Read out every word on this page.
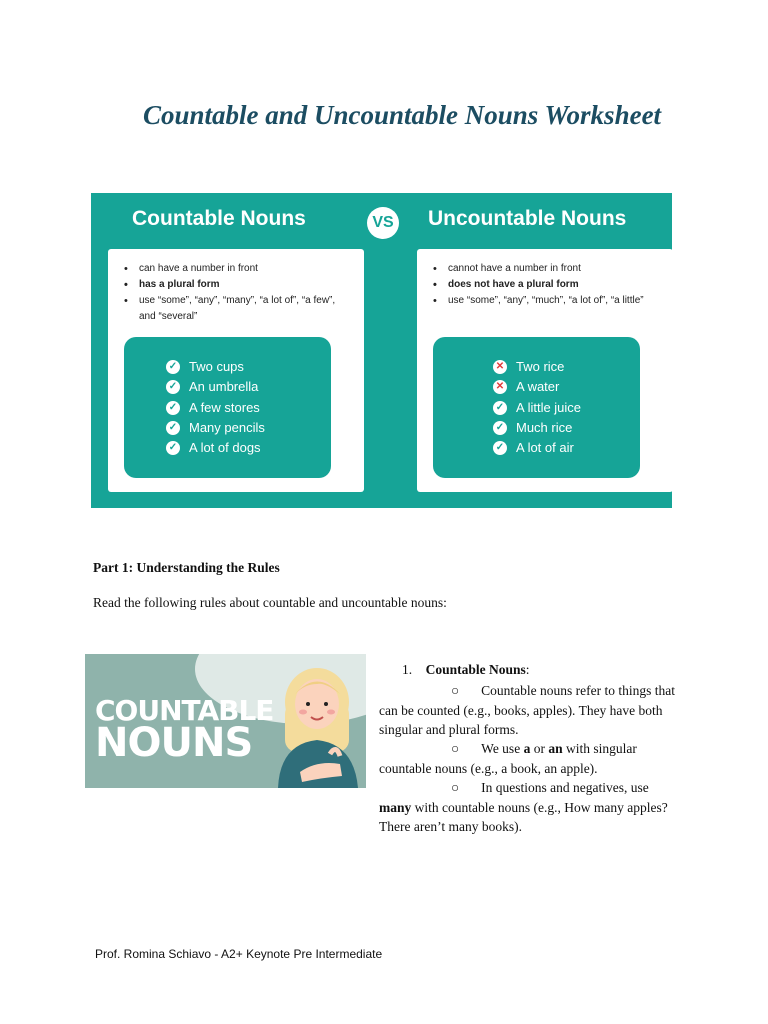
Countable and Uncountable Nouns Worksheet
Countable Nouns	VS Uncountable Nouns
• can have a number in front
• has a plural form
• use “some”, “any”, “many”, “a lot of”, “a few”, and “several”
✓ Two cups
✓ An umbrella
✓ A few stores
✓ Many pencils
✓ A lot of dogs
• cannot have a number in front
• does not have a plural form
• use “some”, “any”, “much”, “a lot of”, “a little”
✕ Two rice
✕ A water
✓ A little juice
✓ Much rice
✓ A lot of air
Part 1: Understanding the Rules
Read the following rules about countable and uncountable nouns:
COUNTABLE
NOUNS
1. Countable Nouns:
○ Countable nouns refer to things that can be counted (e.g., books, apples). They have both singular and plural forms.
○ We use a or an with singular countable nouns (e.g., a book, an apple).
○ In questions and negatives, use many with countable nouns (e.g., How many apples? There aren’t many books).
Prof. Romina Schiavo - A2+ Keynote Pre Intermediate
